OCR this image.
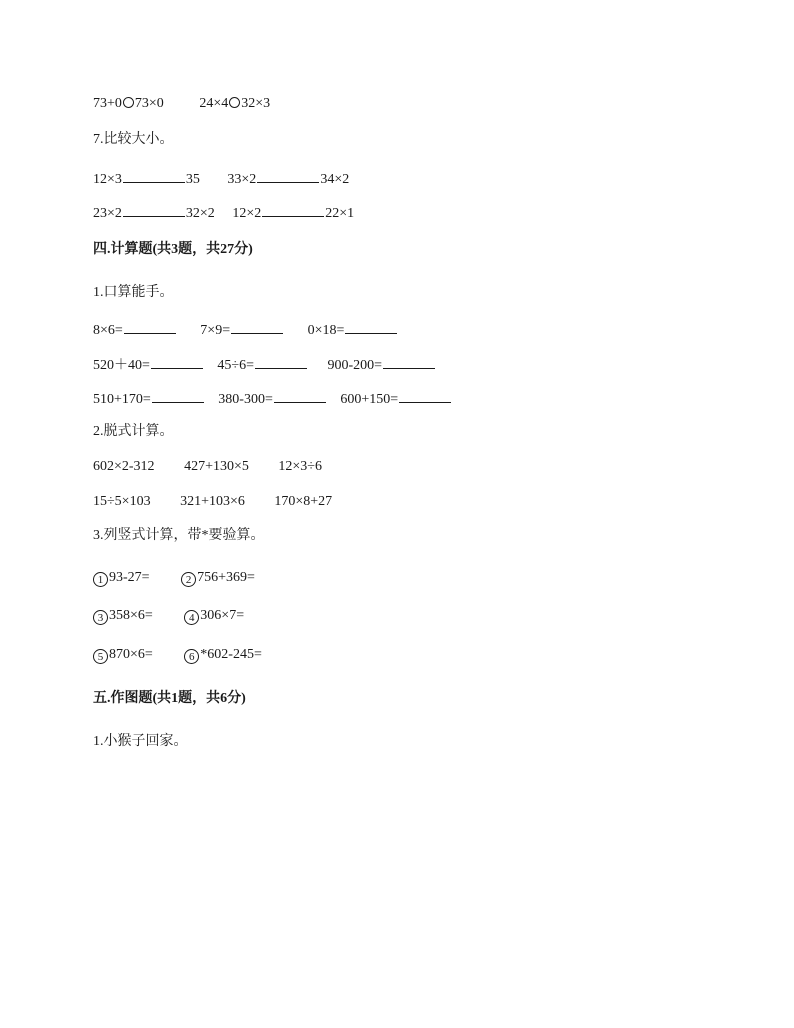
73+0 73×0	24×4 32×3
7.比较大小。
12×3	35 33×2	34×2
23×2	32×2 12×2	22×1
四.计算题(共3题，共27分)
1.口算能手。
8×6=	7×9=	0×18=
520＋40=	45÷6=	900-200=
510+170=	380-300=	600+150=
2.脱式计算。
602×2-312 427+130×5 12×3÷6
15÷5×103 321+103×6 170×8+27
3.列竖式计算，带*要验算。
1 93-27=	2 756+369=
3 358×6=	4 306×7=
5 870×6=	6 *602-245=
五.作图题(共1题，共6分)
1.小猴子回家。
